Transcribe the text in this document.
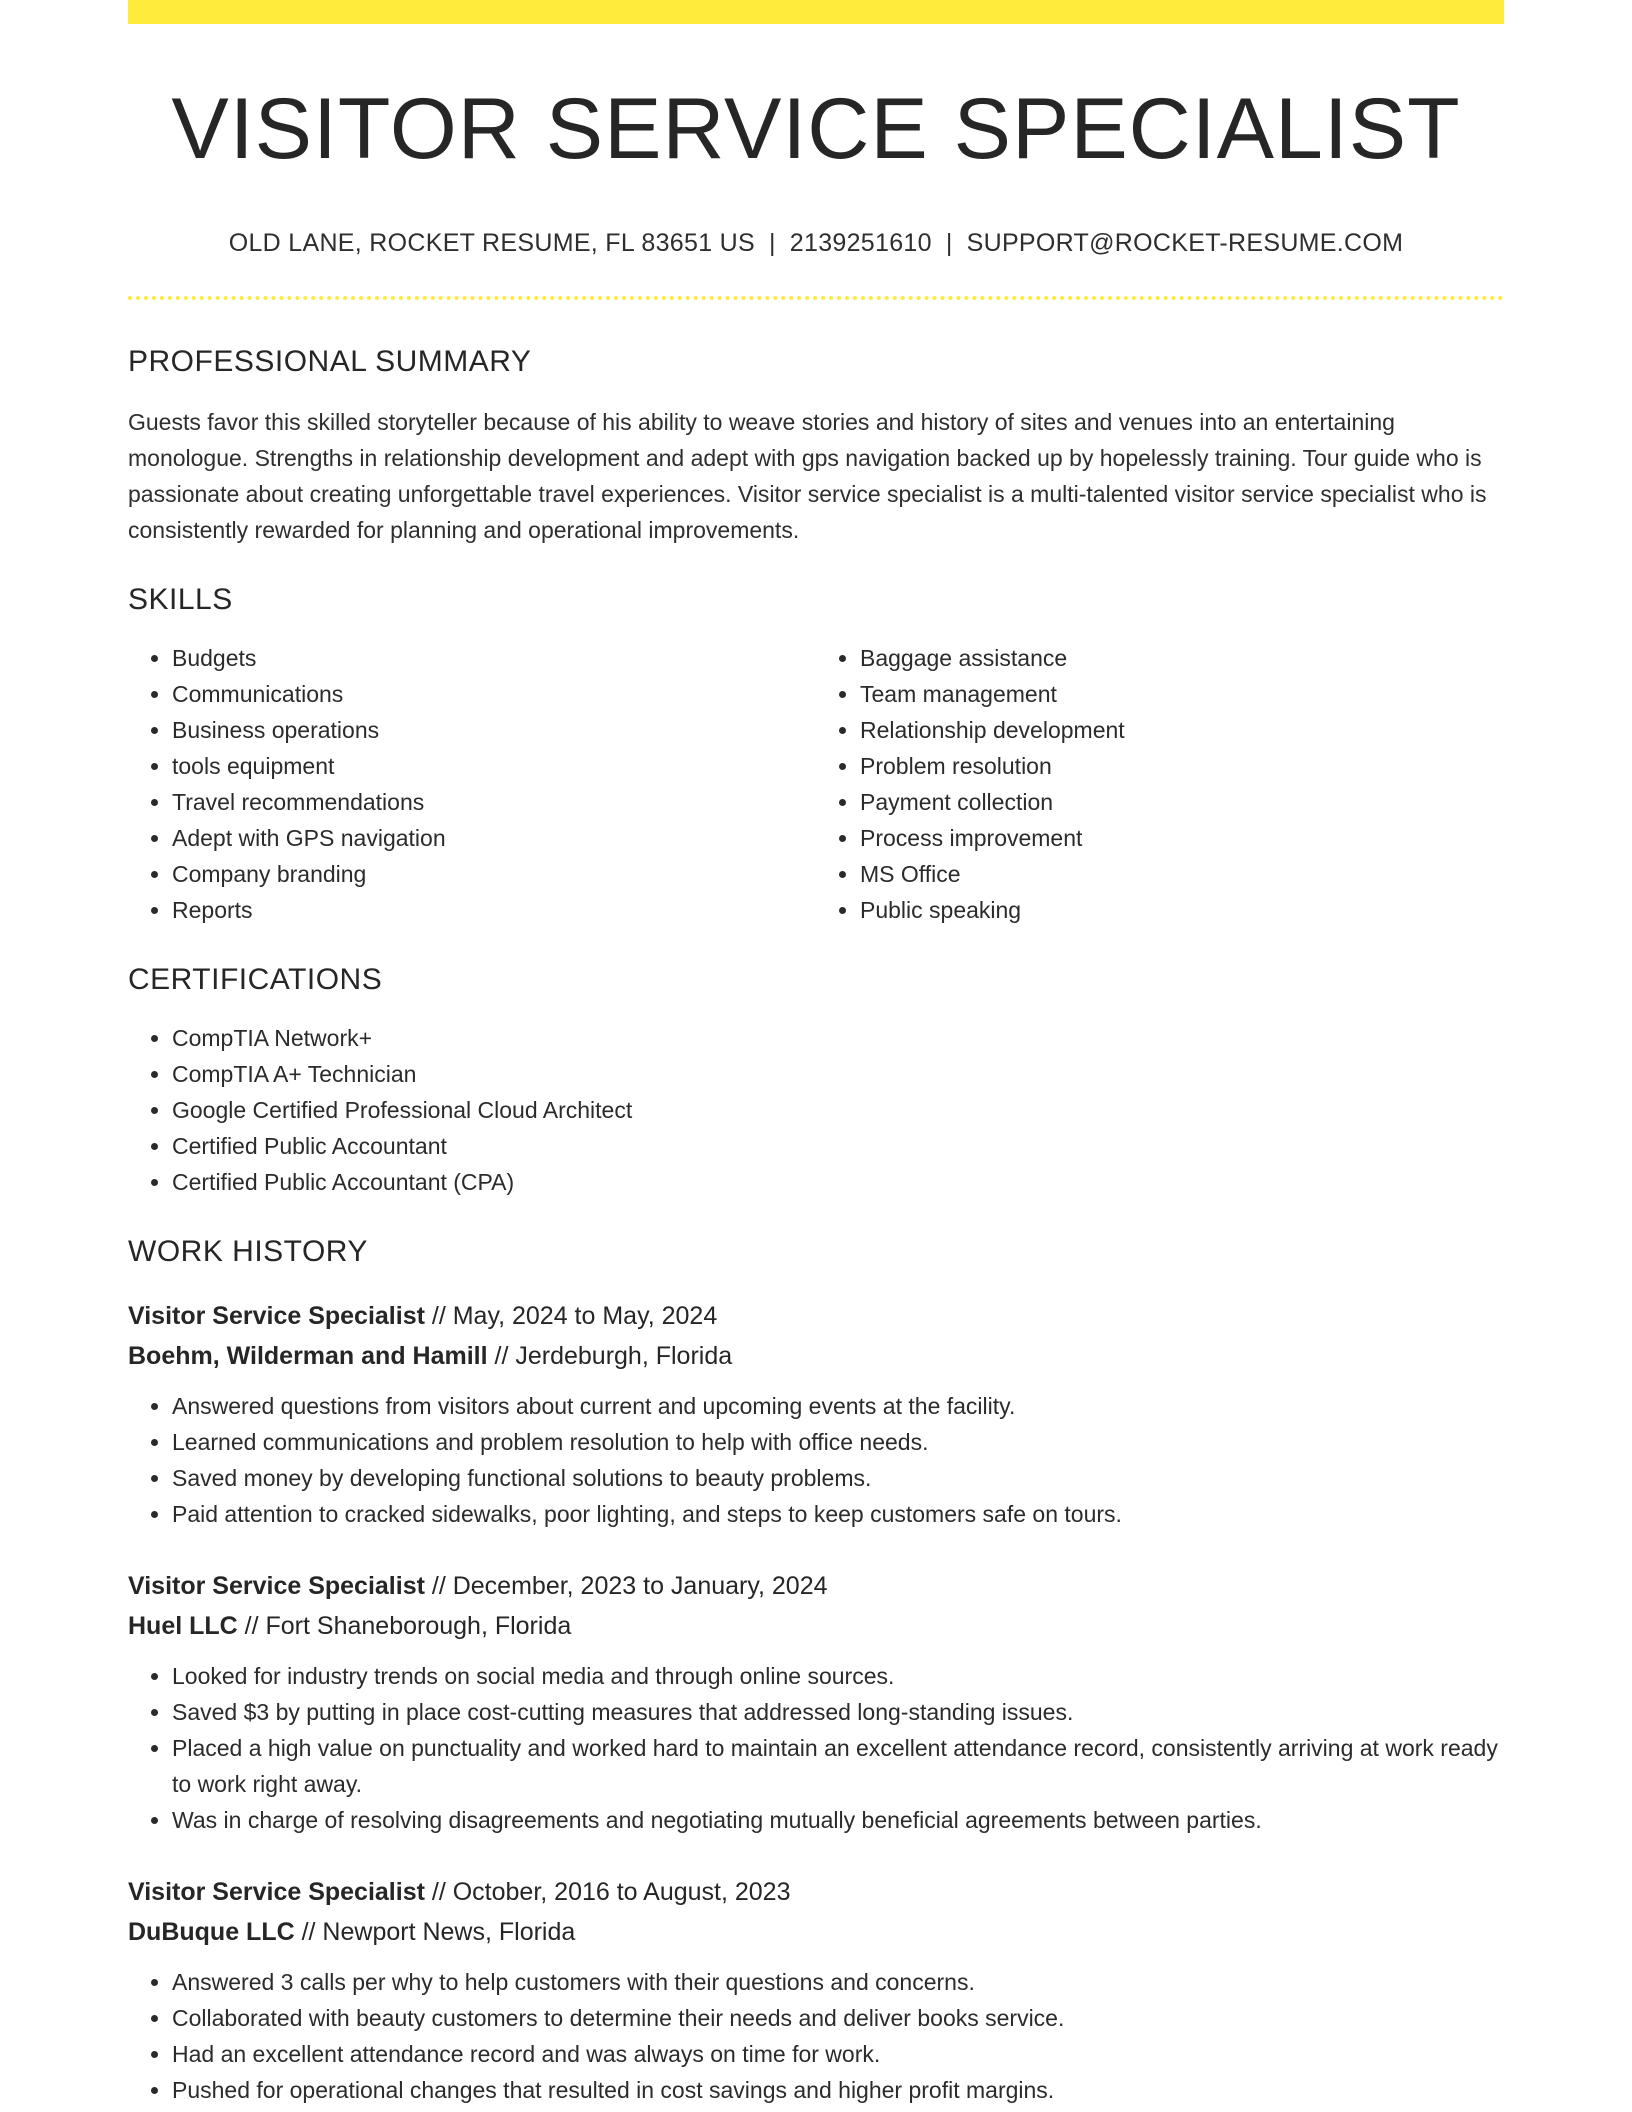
VISITOR SERVICE SPECIALIST
OLD LANE, ROCKET RESUME, FL 83651 US | 2139251610 | SUPPORT@ROCKET-RESUME.COM
PROFESSIONAL SUMMARY

Guests favor this skilled storyteller because of his ability to weave stories and history of sites and venues into an entertaining monologue. Strengths in relationship development and adept with gps navigation backed up by hopelessly training. Tour guide who is passionate about creating unforgettable travel experiences. Visitor service specialist is a multi-talented visitor service specialist who is consistently rewarded for planning and operational improvements.

SKILLS
• Budgets
• Communications
• Business operations
• tools equipment
• Travel recommendations
• Adept with GPS navigation
• Company branding
• Reports
• Baggage assistance
• Team management
• Relationship development
• Problem resolution
• Payment collection
• Process improvement
• MS Office
• Public speaking
CERTIFICATIONS
• CompTIA Network+
• CompTIA A+ Technician
• Google Certified Professional Cloud Architect
• Certified Public Accountant
• Certified Public Accountant (CPA)
WORK HISTORY
Visitor Service Specialist // May, 2024 to May, 2024
Boehm, Wilderman and Hamill // Jerdeburgh, Florida
• Answered questions from visitors about current and upcoming events at the facility.
• Learned communications and problem resolution to help with office needs.
• Saved money by developing functional solutions to beauty problems.
• Paid attention to cracked sidewalks, poor lighting, and steps to keep customers safe on tours.
Visitor Service Specialist // December, 2023 to January, 2024
Huel LLC // Fort Shaneborough, Florida
• Looked for industry trends on social media and through online sources.
• Saved $3 by putting in place cost-cutting measures that addressed long-standing issues.
• Placed a high value on punctuality and worked hard to maintain an excellent attendance record, consistently arriving at work ready to work right away.
• Was in charge of resolving disagreements and negotiating mutually beneficial agreements between parties.
Visitor Service Specialist // October, 2016 to August, 2023
DuBuque LLC // Newport News, Florida
• Answered 3 calls per why to help customers with their questions and concerns.
• Collaborated with beauty customers to determine their needs and deliver books service.
• Had an excellent attendance record and was always on time for work.
• Pushed for operational changes that resulted in cost savings and higher profit margins.
